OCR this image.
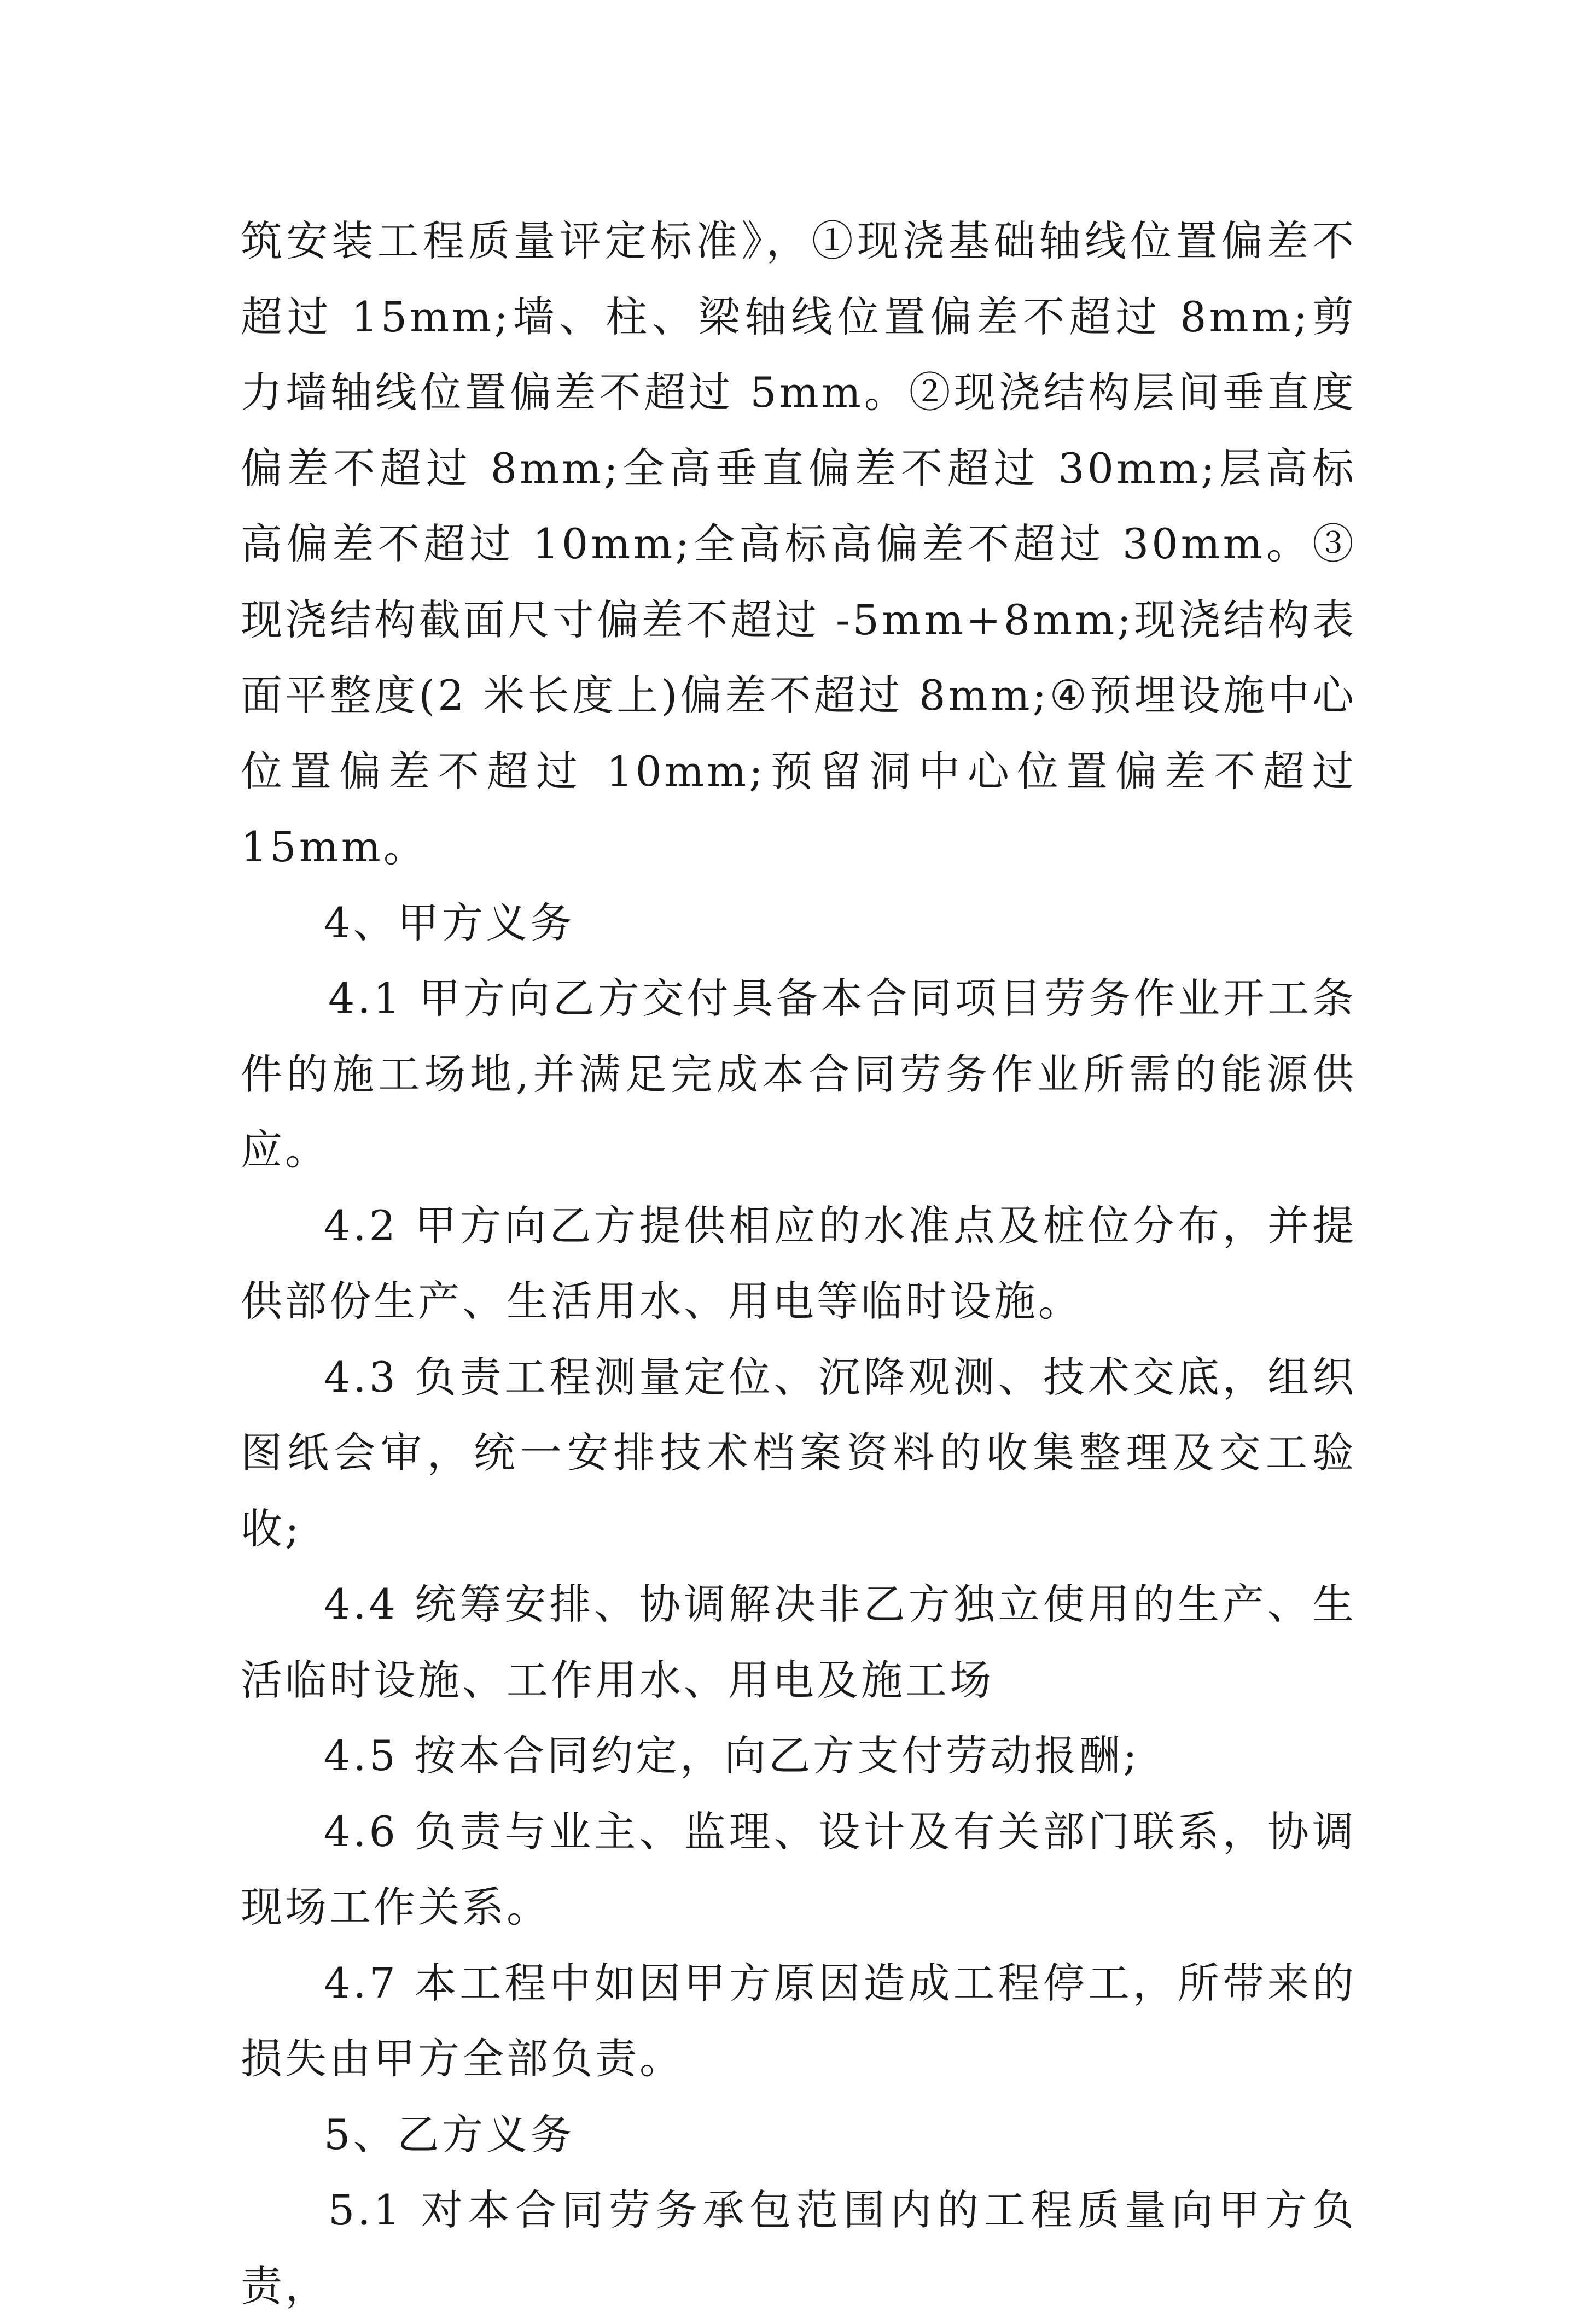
筑安装工程质量评定标准》，①现浇基础轴线位置偏差不超过 15mm;墙、柱、梁轴线位置偏差不超过 8mm;剪力墙轴线位置偏差不超过 5mm。②现浇结构层间垂直度偏差不超过 8mm;全高垂直偏差不超过 30mm;层高标高偏差不超过 10mm;全高标高偏差不超过 30mm。③现浇结构截面尺寸偏差不超过 -5mm+8mm;现浇结构表面平整度(2 米长度上)偏差不超过 8mm;④预埋设施中心位置偏差不超过 10mm;预留洞中心位置偏差不超过 15mm。

4、甲方义务

4.1 甲方向乙方交付具备本合同项目劳务作业开工条件的施工场地,并满足完成本合同劳务作业所需的能源供应。

4.2 甲方向乙方提供相应的水准点及桩位分布，并提供部份生产、生活用水、用电等临时设施。

4.3 负责工程测量定位、沉降观测、技术交底，组织图纸会审，统一安排技术档案资料的收集整理及交工验收;

4.4 统筹安排、协调解决非乙方独立使用的生产、生活临时设施、工作用水、用电及施工场

4.5 按本合同约定，向乙方支付劳动报酬;

4.6 负责与业主、监理、设计及有关部门联系，协调现场工作关系。

4.7 本工程中如因甲方原因造成工程停工，所带来的损失由甲方全部负责。

5、乙方义务

5.1 对本合同劳务承包范围内的工程质量向甲方负责，
